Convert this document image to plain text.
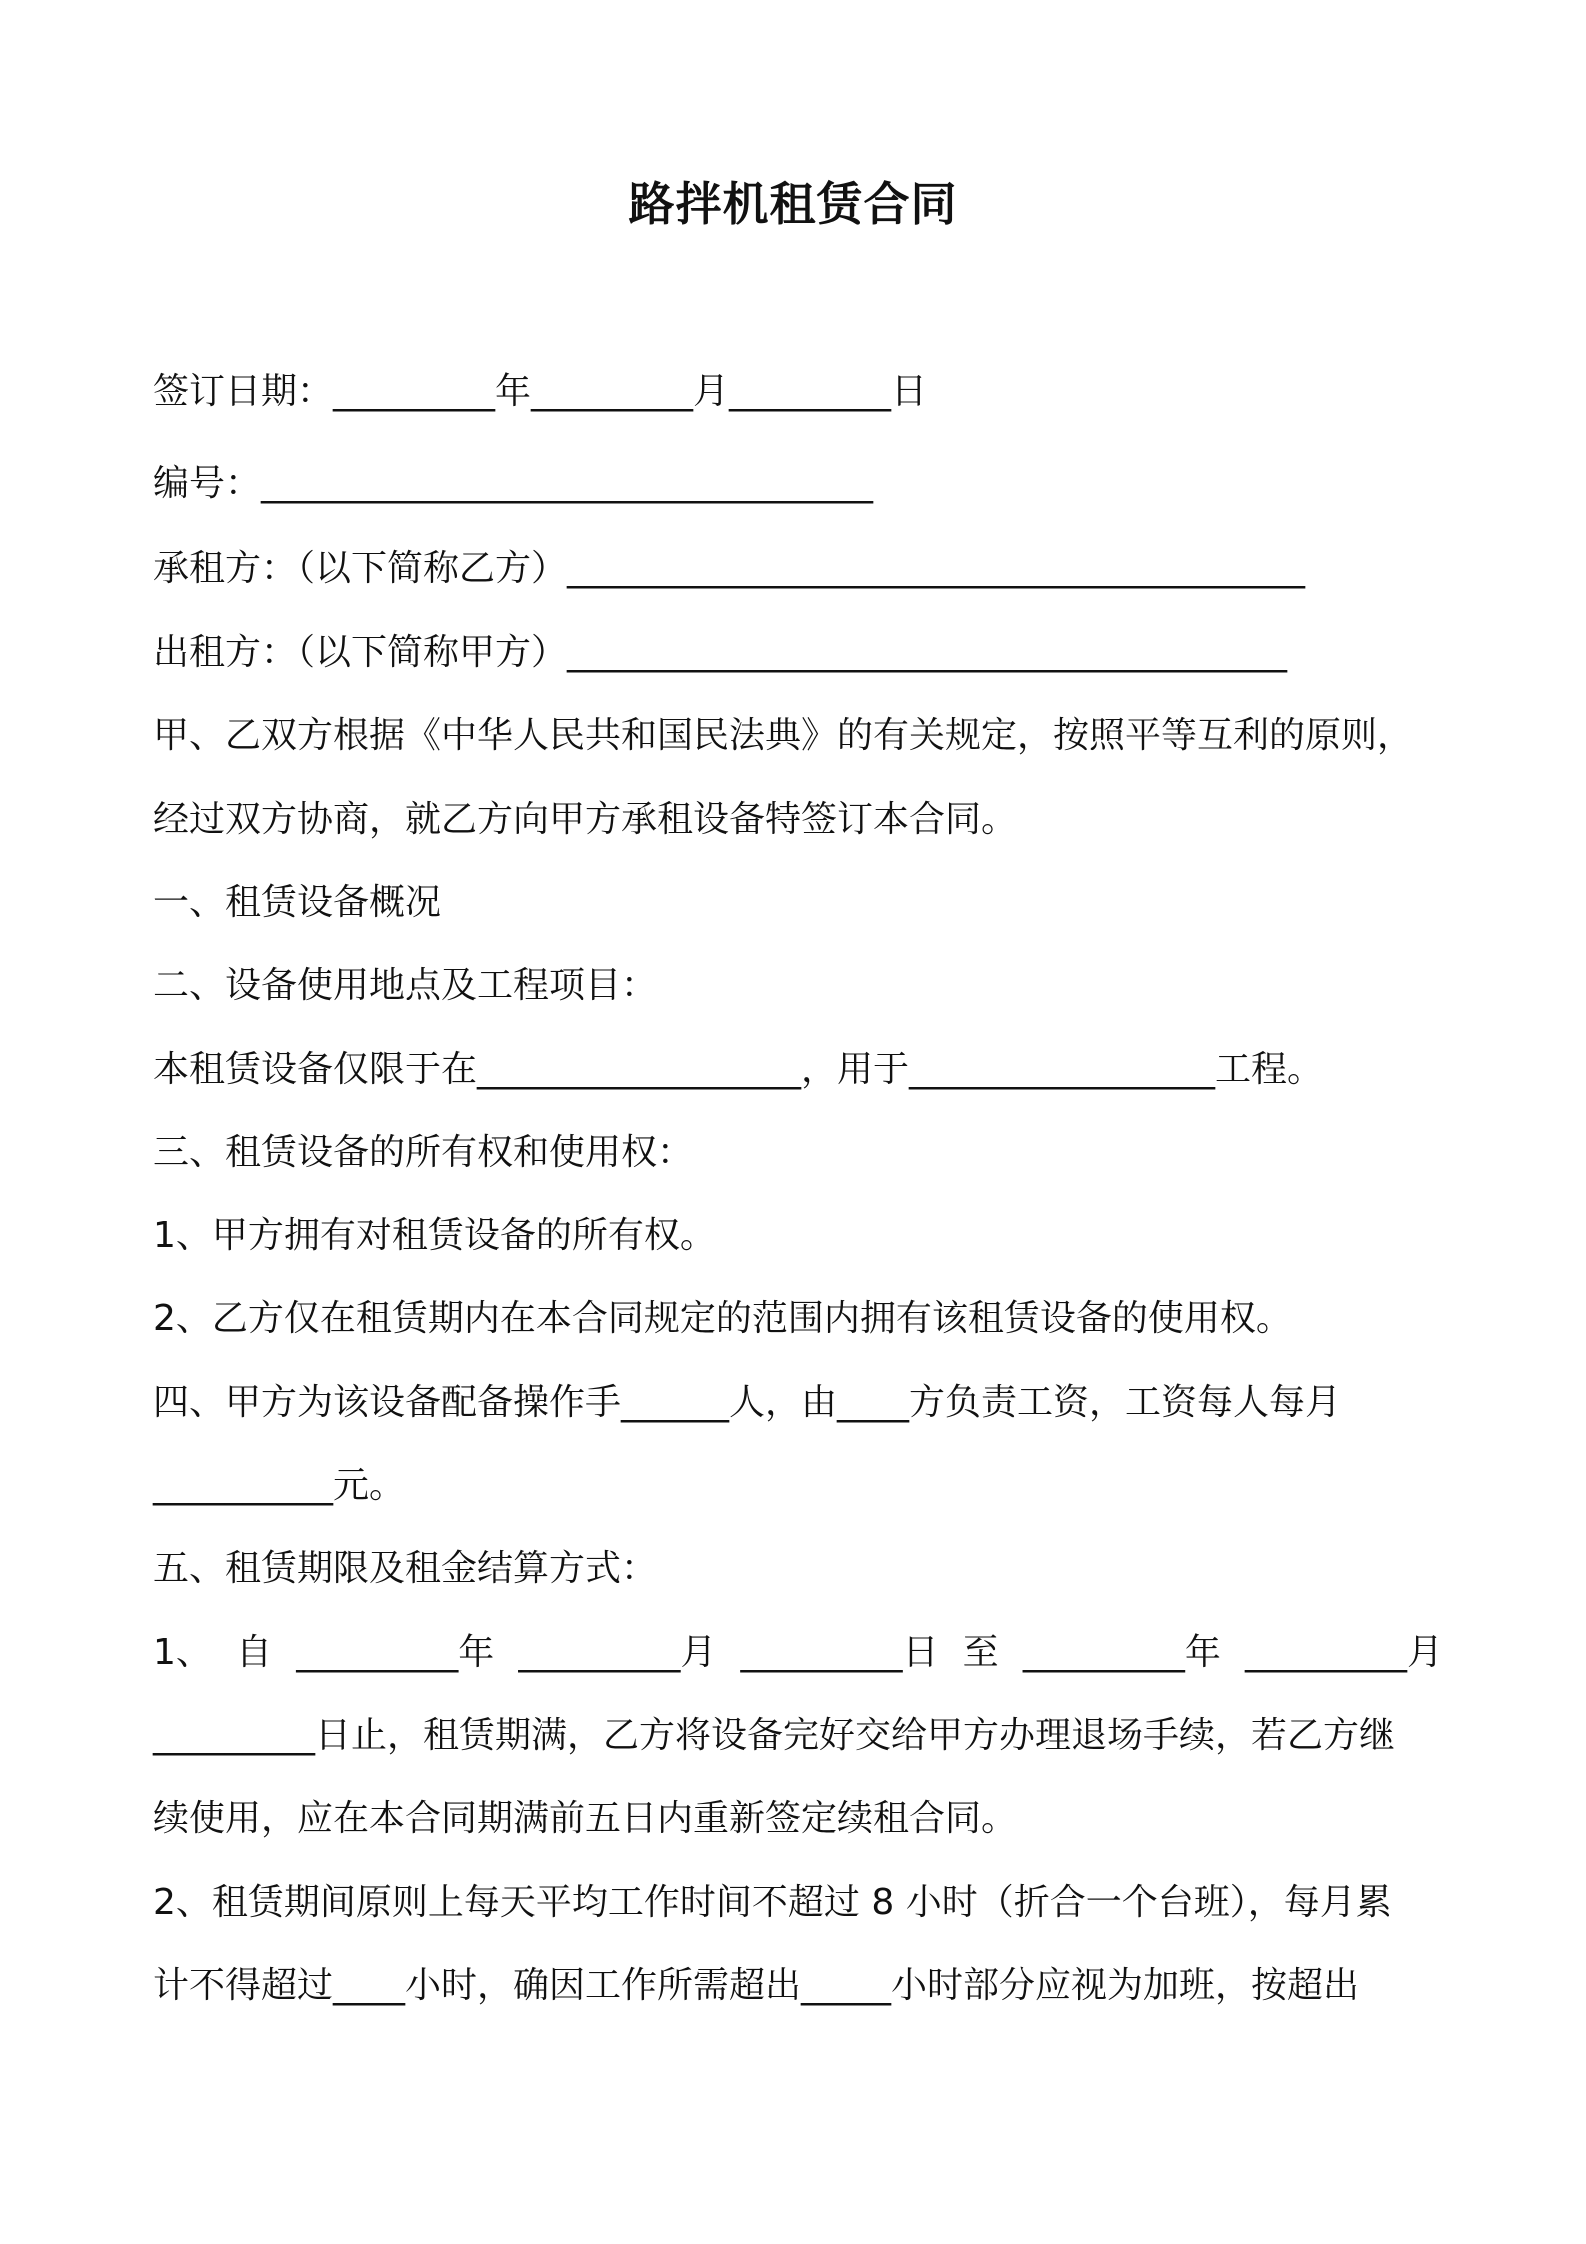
路拌机租赁合同

签订日期：_________年_________月_________日

编号：__________________________________

承租方：（以下简称乙方）_________________________________________

出租方：（以下简称甲方）________________________________________

甲、乙双方根据《中华人民共和国民法典》的有关规定，按照平等互利的原则，

经过双方协商，就乙方向甲方承租设备特签订本合同。

一、租赁设备概况

二、设备使用地点及工程项目：

本租赁设备仅限于在__________________，用于_________________工程。

三、租赁设备的所有权和使用权：

1、甲方拥有对租赁设备的所有权。

2、乙方仅在租赁期内在本合同规定的范围内拥有该租赁设备的使用权。

四、甲方为该设备配备操作手______人，由____方负责工资，工资每人每月

__________元。

五、租赁期限及租金结算方式：

1、 自 _________年 _________月 _________日 至 _________年 _________月

_________日止，租赁期满，乙方将设备完好交给甲方办理退场手续，若乙方继

续使用，应在本合同期满前五日内重新签定续租合同。

2、租赁期间原则上每天平均工作时间不超过 8 小时（折合一个台班），每月累

计不得超过____小时，确因工作所需超出_____小时部分应视为加班，按超出
